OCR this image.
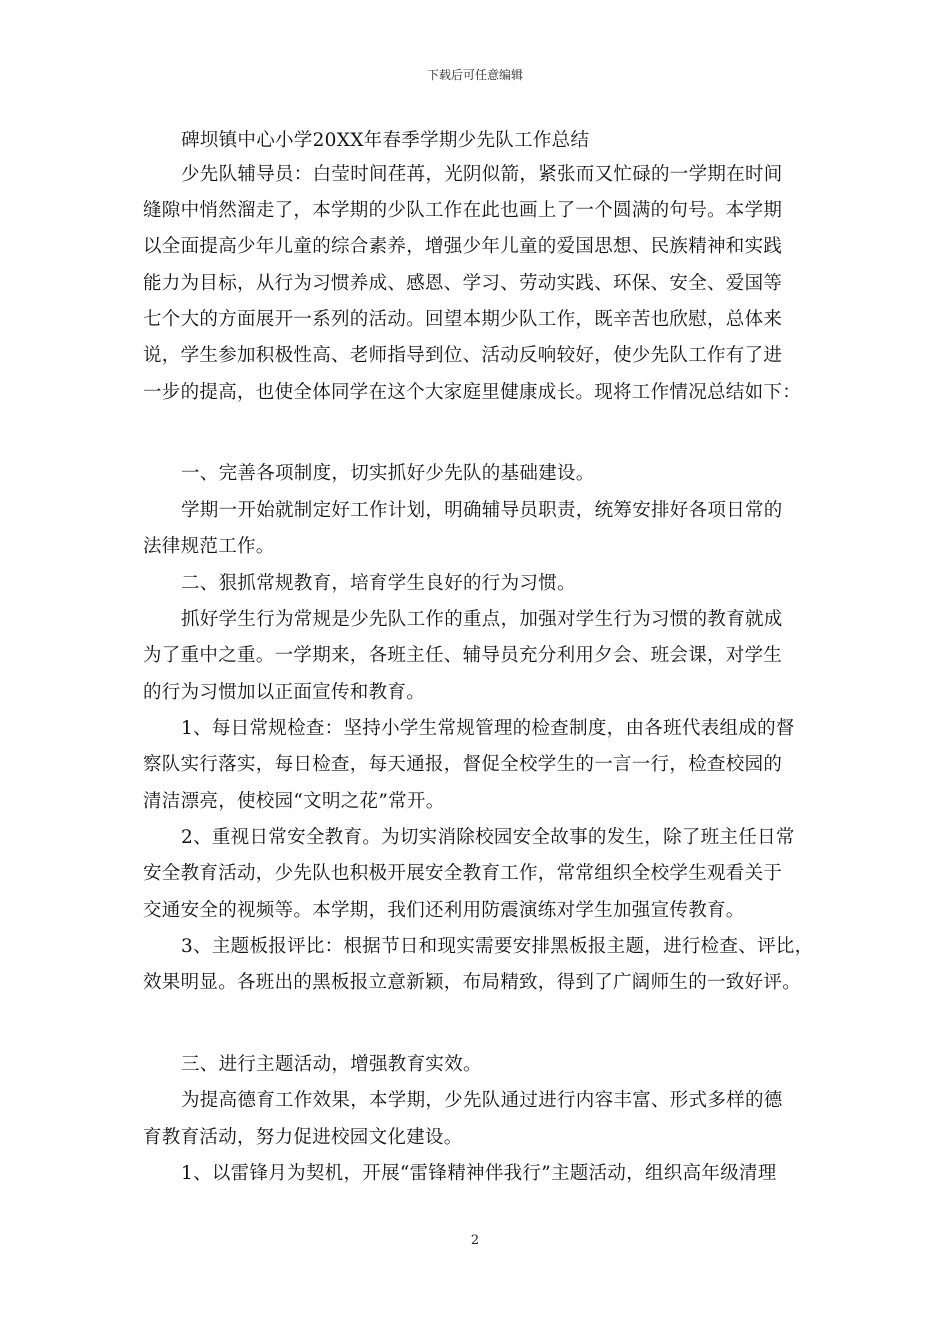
下载后可任意编辑
碑坝镇中心小学20XX年春季学期少先队工作总结
少先队辅导员：白莹时间荏苒，光阴似箭，紧张而又忙碌的一学期在时间
缝隙中悄然溜走了，本学期的少队工作在此也画上了一个圆满的句号。本学期
以全面提高少年儿童的综合素养，增强少年儿童的爱国思想、民族精神和实践
能力为目标，从行为习惯养成、感恩、学习、劳动实践、环保、安全、爱国等
七个大的方面展开一系列的活动。回望本期少队工作，既辛苦也欣慰，总体来
说，学生参加积极性高、老师指导到位、活动反响较好，使少先队工作有了进
一步的提高，也使全体同学在这个大家庭里健康成长。现将工作情况总结如下：
一、完善各项制度，切实抓好少先队的基础建设。
学期一开始就制定好工作计划，明确辅导员职责，统筹安排好各项日常的
法律规范工作。
二、狠抓常规教育，培育学生良好的行为习惯。
抓好学生行为常规是少先队工作的重点，加强对学生行为习惯的教育就成
为了重中之重。一学期来，各班主任、辅导员充分利用夕会、班会课，对学生
的行为习惯加以正面宣传和教育。
1、每日常规检查：坚持小学生常规管理的检查制度，由各班代表组成的督
察队实行落实，每日检查，每天通报，督促全校学生的一言一行，检查校园的
清洁漂亮，使校园“文明之花”常开。
2、重视日常安全教育。为切实消除校园安全故事的发生，除了班主任日常
安全教育活动，少先队也积极开展安全教育工作，常常组织全校学生观看关于
交通安全的视频等。本学期，我们还利用防震演练对学生加强宣传教育。
3、主题板报评比：根据节日和现实需要安排黑板报主题，进行检查、评比，
效果明显。各班出的黑板报立意新颖，布局精致，得到了广阔师生的一致好评。
三、进行主题活动，增强教育实效。
为提高德育工作效果，本学期，少先队通过进行内容丰富、形式多样的德
育教育活动，努力促进校园文化建设。
1、以雷锋月为契机，开展“雷锋精神伴我行”主题活动，组织高年级清理
2
